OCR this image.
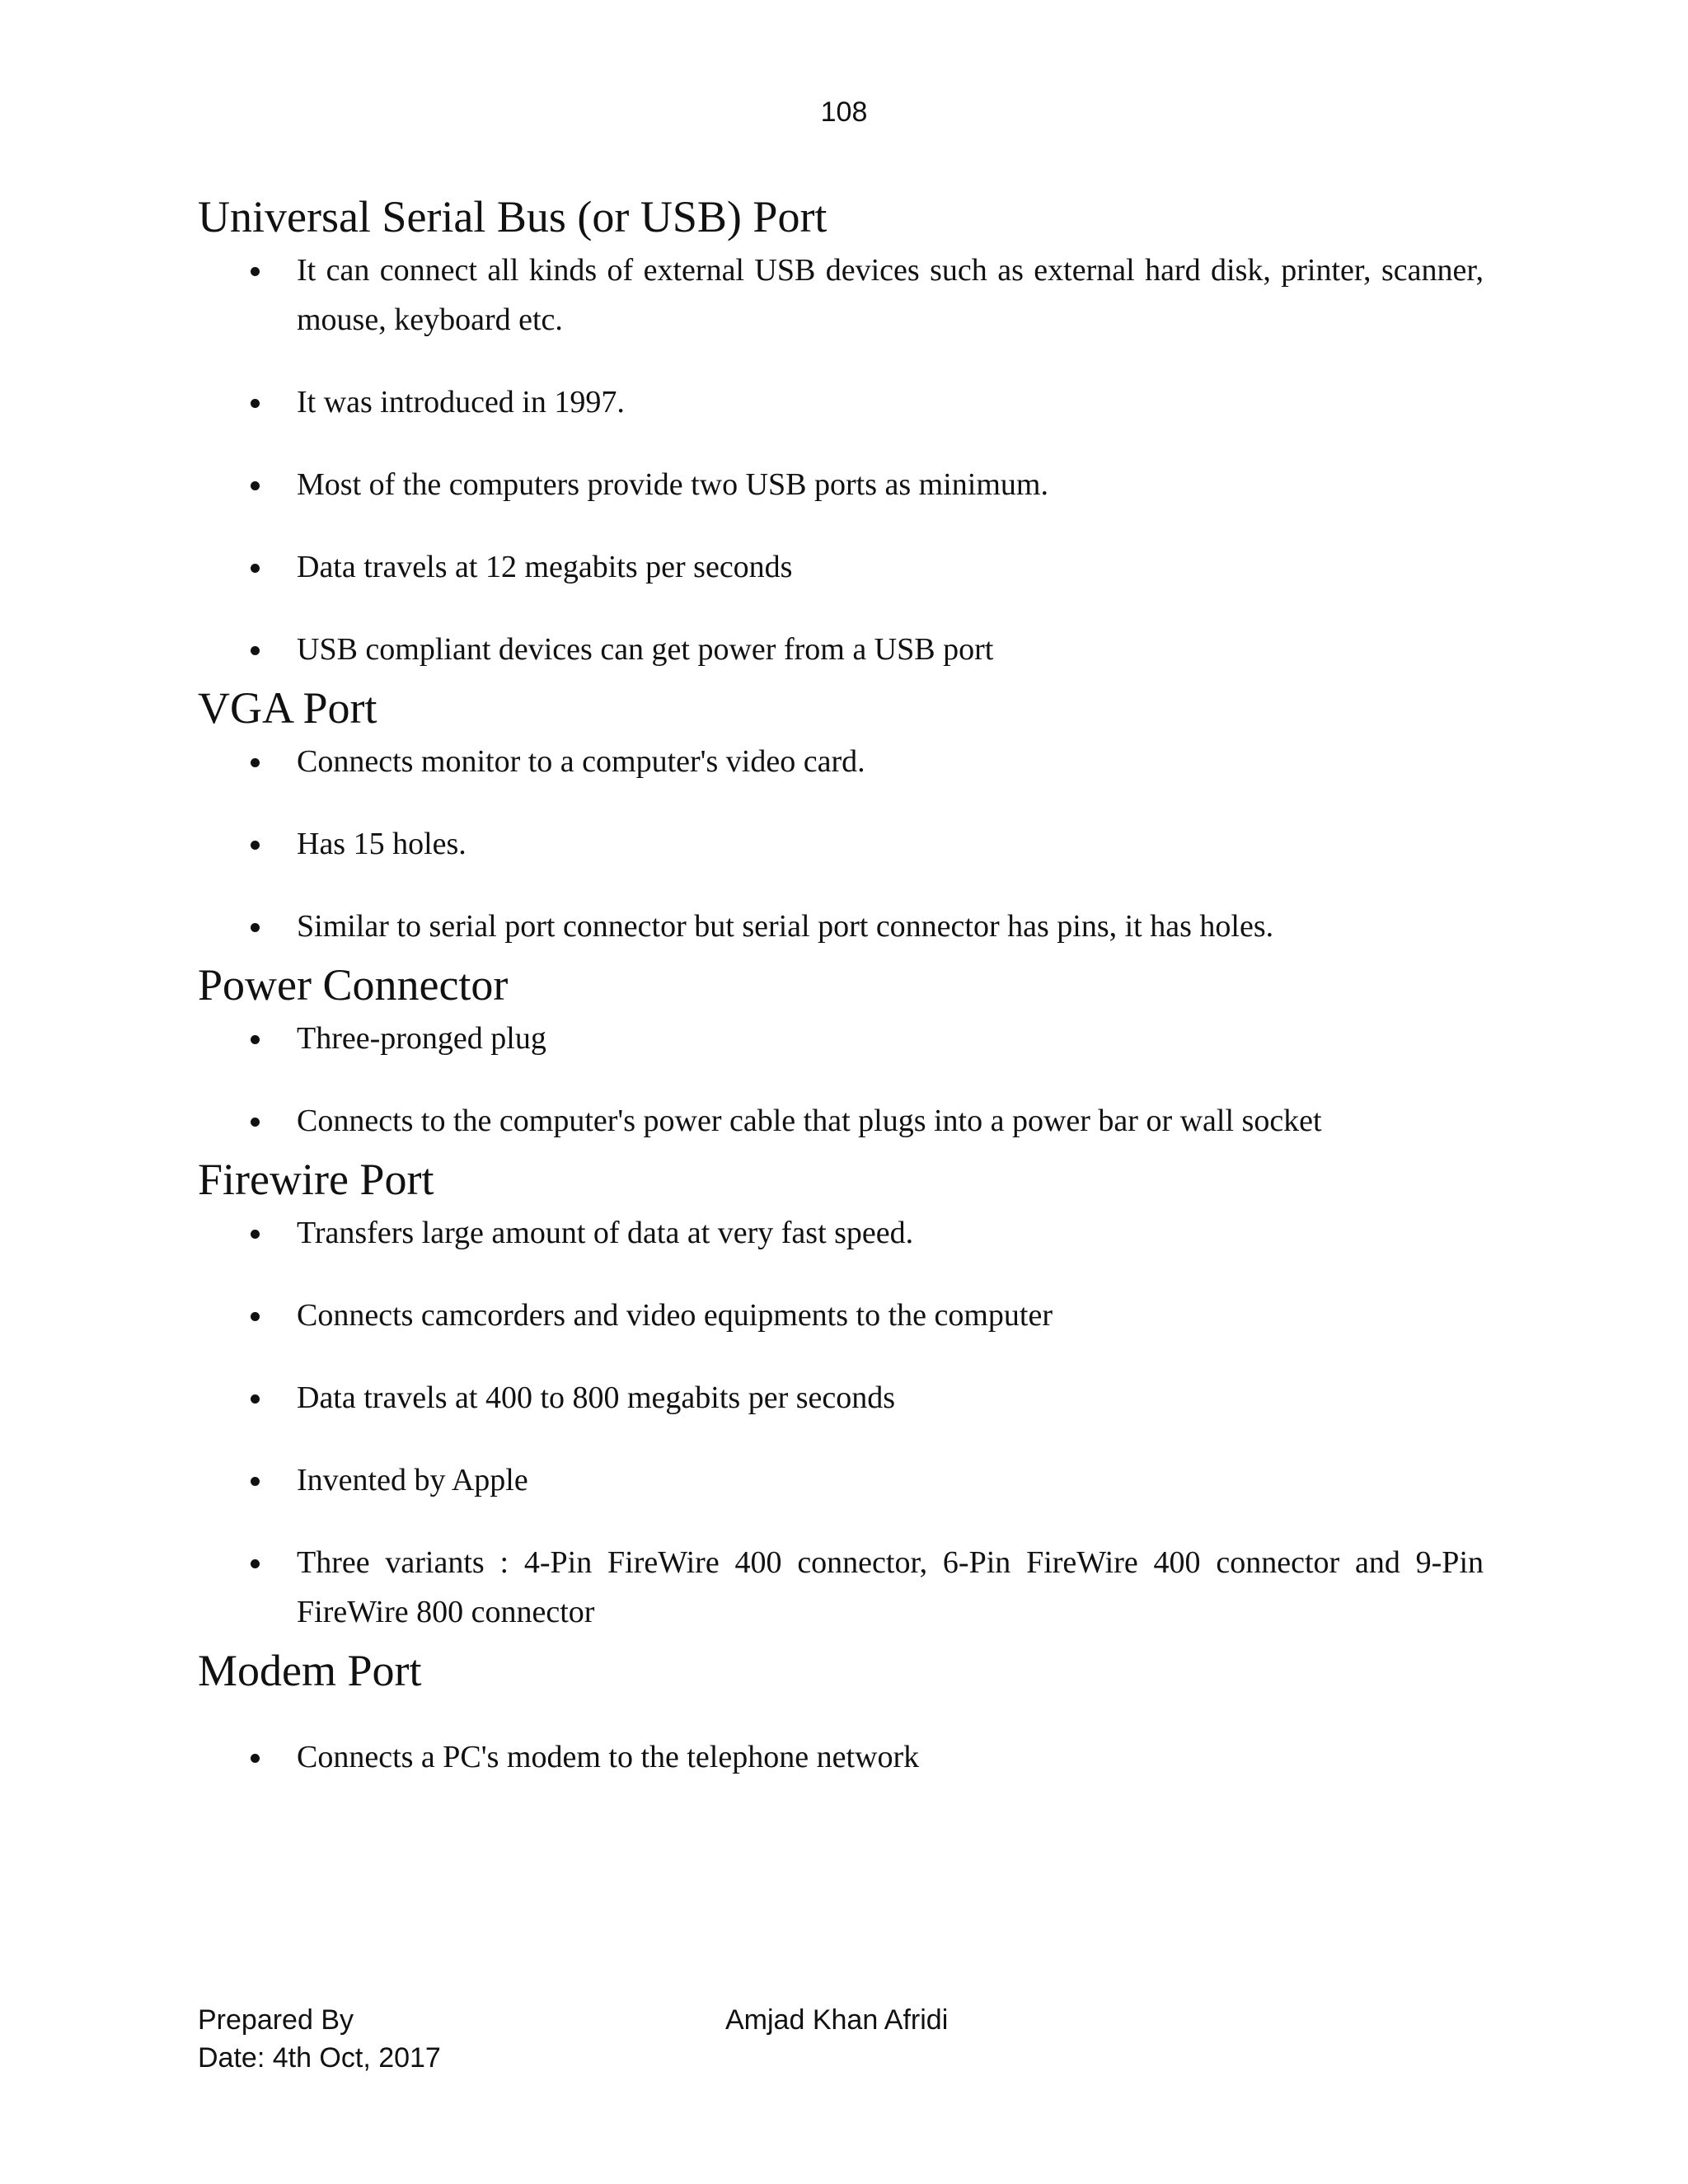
108
Universal Serial Bus (or USB) Port
It can connect all kinds of external USB devices such as external hard disk, printer, scanner, mouse, keyboard etc.
It was introduced in 1997.
Most of the computers provide two USB ports as minimum.
Data travels at 12 megabits per seconds
USB compliant devices can get power from a USB port
VGA Port
Connects monitor to a computer's video card.
Has 15 holes.
Similar to serial port connector but serial port connector has pins, it has holes.
Power Connector
Three-pronged plug
Connects to the computer's power cable that plugs into a power bar or wall socket
Firewire Port
Transfers large amount of data at very fast speed.
Connects camcorders and video equipments to the computer
Data travels at 400 to 800 megabits per seconds
Invented by Apple
Three variants : 4-Pin FireWire 400 connector, 6-Pin FireWire 400 connector and 9-Pin FireWire 800 connector
Modem Port
Connects a PC's modem to the telephone network
Prepared By	Amjad Khan Afridi
Date: 4th Oct, 2017
